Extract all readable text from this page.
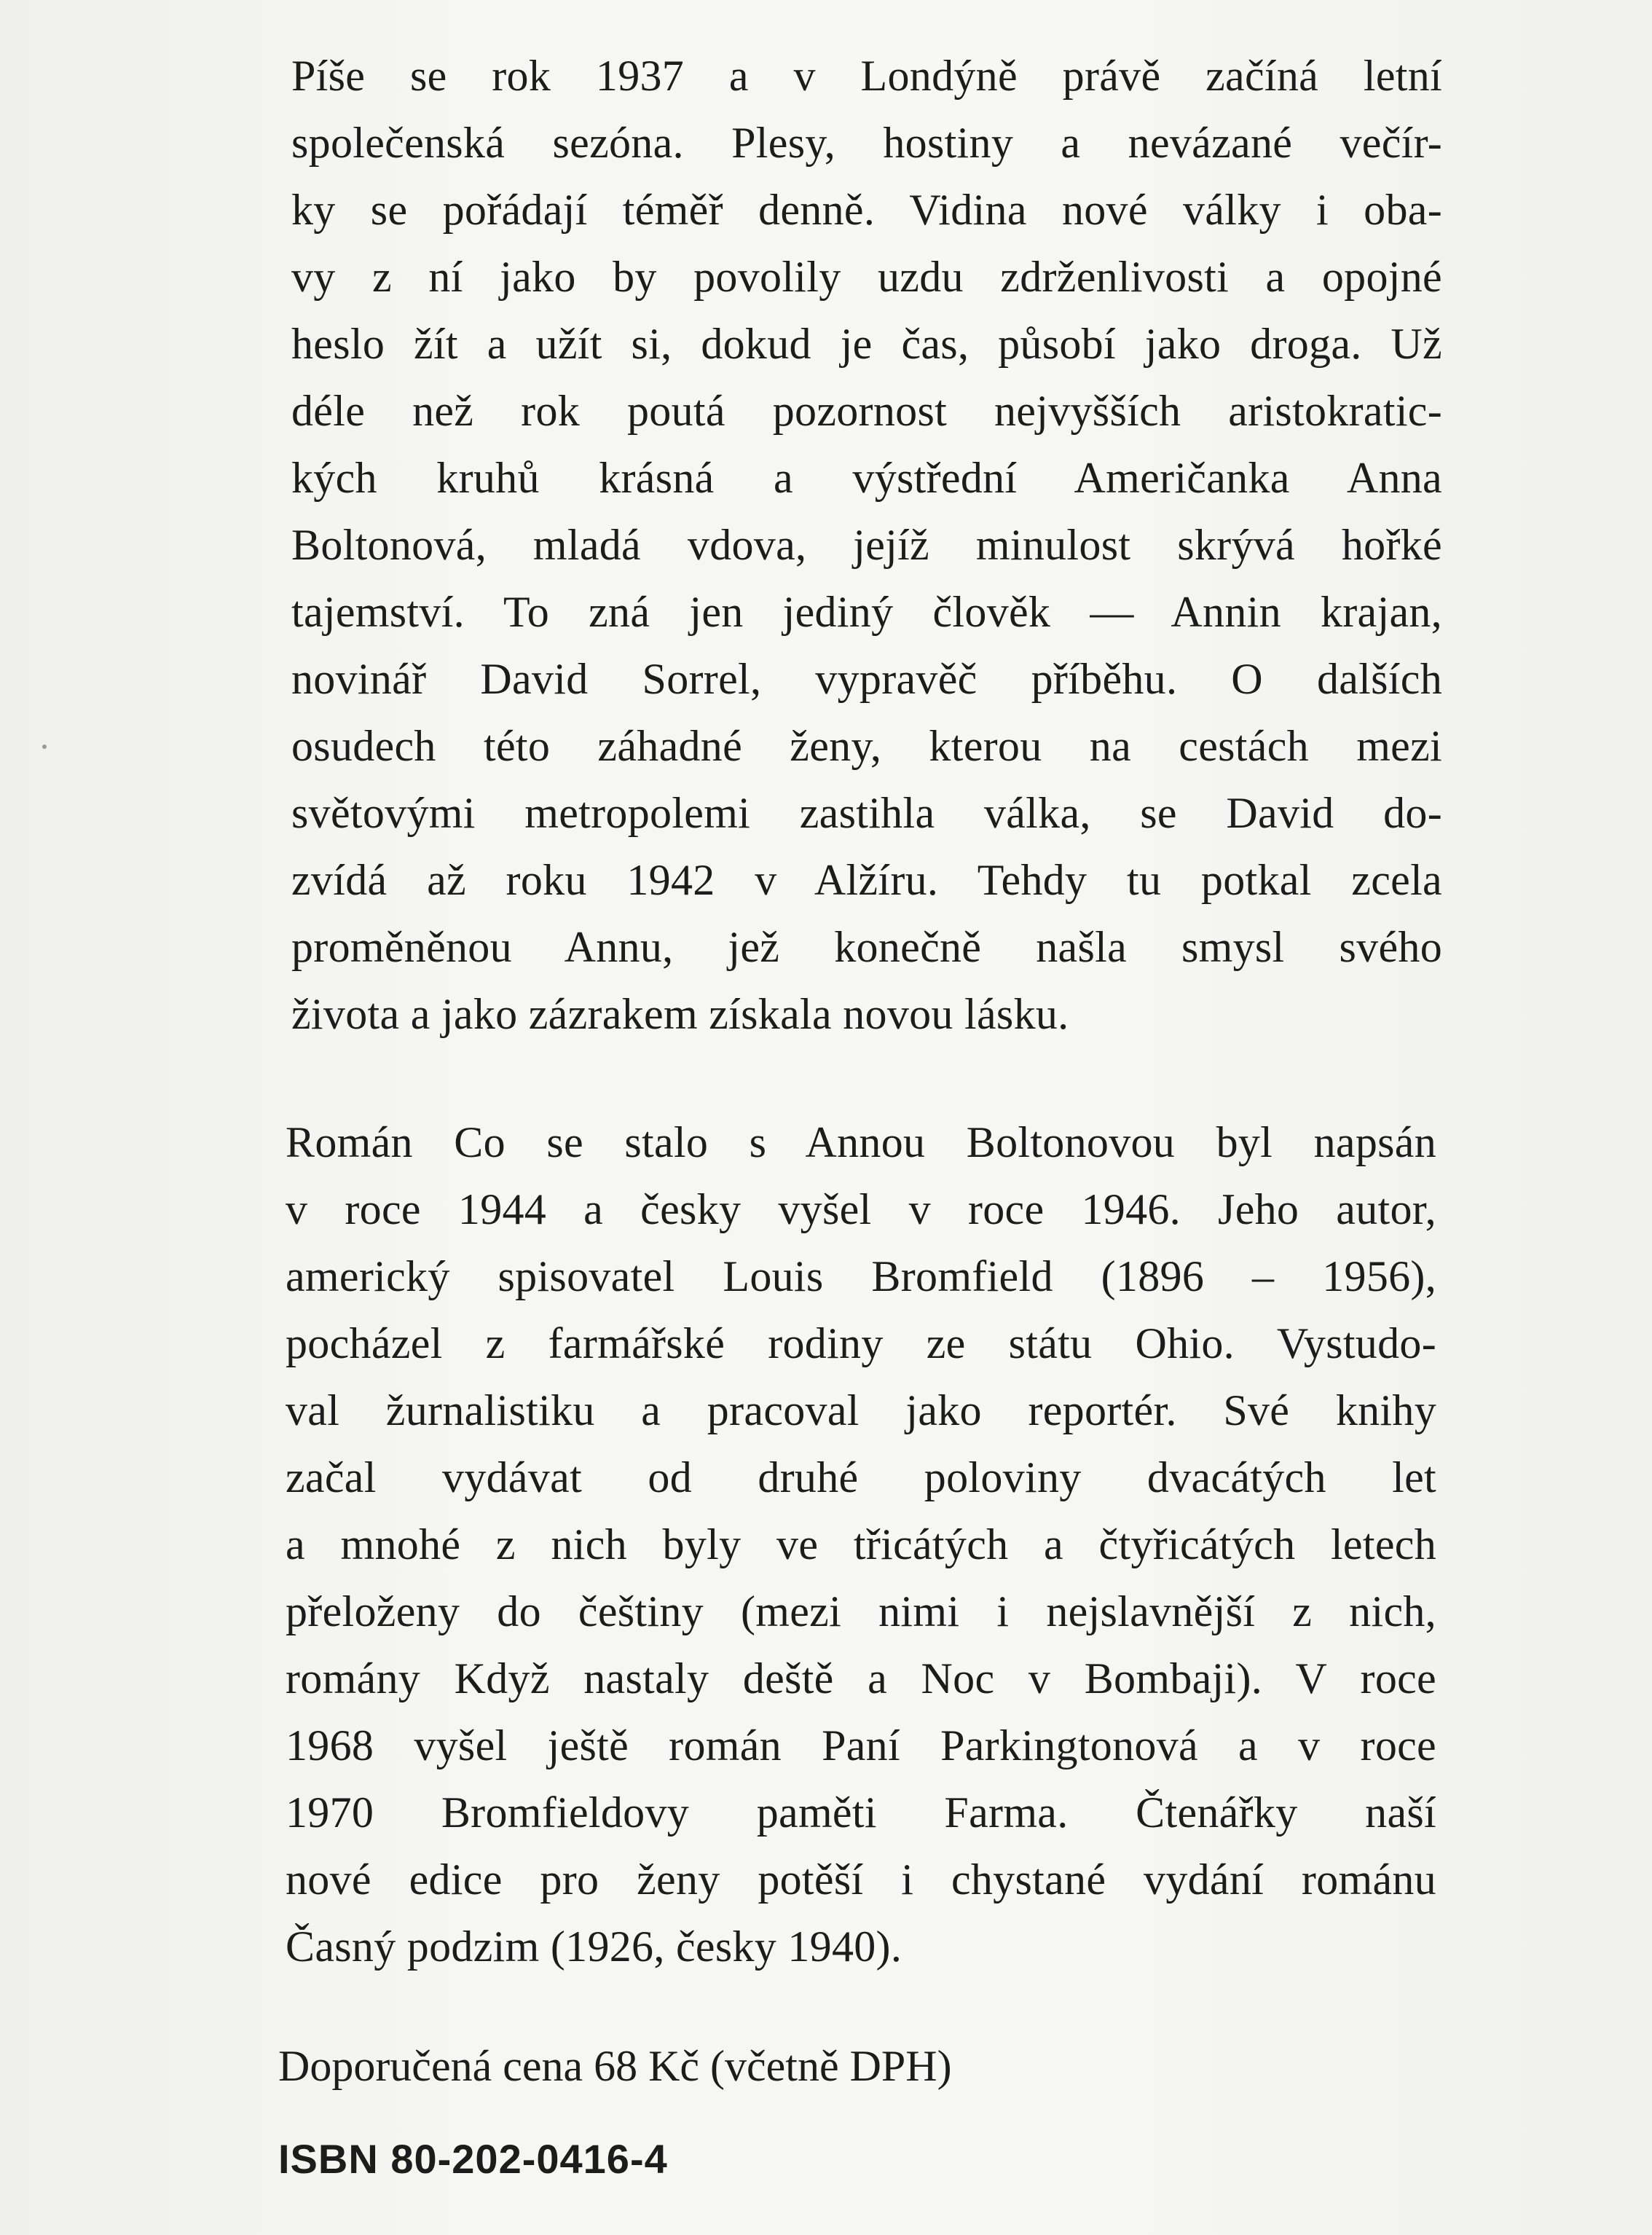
Píše se rok 1937 a v Londýně právě začíná letní
společenská sezóna. Plesy, hostiny a nevázané večír-
ky se pořádají téměř denně. Vidina nové války i oba-
vy z ní jako by povolily uzdu zdrženlivosti a opojné
heslo žít a užít si, dokud je čas, působí jako droga. Už
déle než rok poutá pozornost nejvyšších aristokratic-
kých kruhů krásná a výstřední Američanka Anna
Boltonová, mladá vdova, jejíž minulost skrývá hořké
tajemství. To zná jen jediný člověk — Annin krajan,
novinář David Sorrel, vypravěč příběhu. O dalších
osudech této záhadné ženy, kterou na cestách mezi
světovými metropolemi zastihla válka, se David do-
zvídá až roku 1942 v Alžíru. Tehdy tu potkal zcela
proměněnou Annu, jež konečně našla smysl svého
života a jako zázrakem získala novou lásku.
Román Co se stalo s Annou Boltonovou byl napsán
v roce 1944 a česky vyšel v roce 1946. Jeho autor,
americký spisovatel Louis Bromfield (1896 – 1956),
pocházel z farmářské rodiny ze státu Ohio. Vystudo-
val žurnalistiku a pracoval jako reportér. Své knihy
začal vydávat od druhé poloviny dvacátých let
a mnohé z nich byly ve třicátých a čtyřicátých letech
přeloženy do češtiny (mezi nimi i nejslavnější z nich,
romány Když nastaly deště a Noc v Bombaji). V roce
1968 vyšel ještě román Paní Parkingtonová a v roce
1970 Bromfieldovy paměti Farma. Čtenářky naší
nové edice pro ženy potěší i chystané vydání románu
Časný podzim (1926, česky 1940).
Doporučená cena 68 Kč (včetně DPH)
ISBN 80-202-0416-4
